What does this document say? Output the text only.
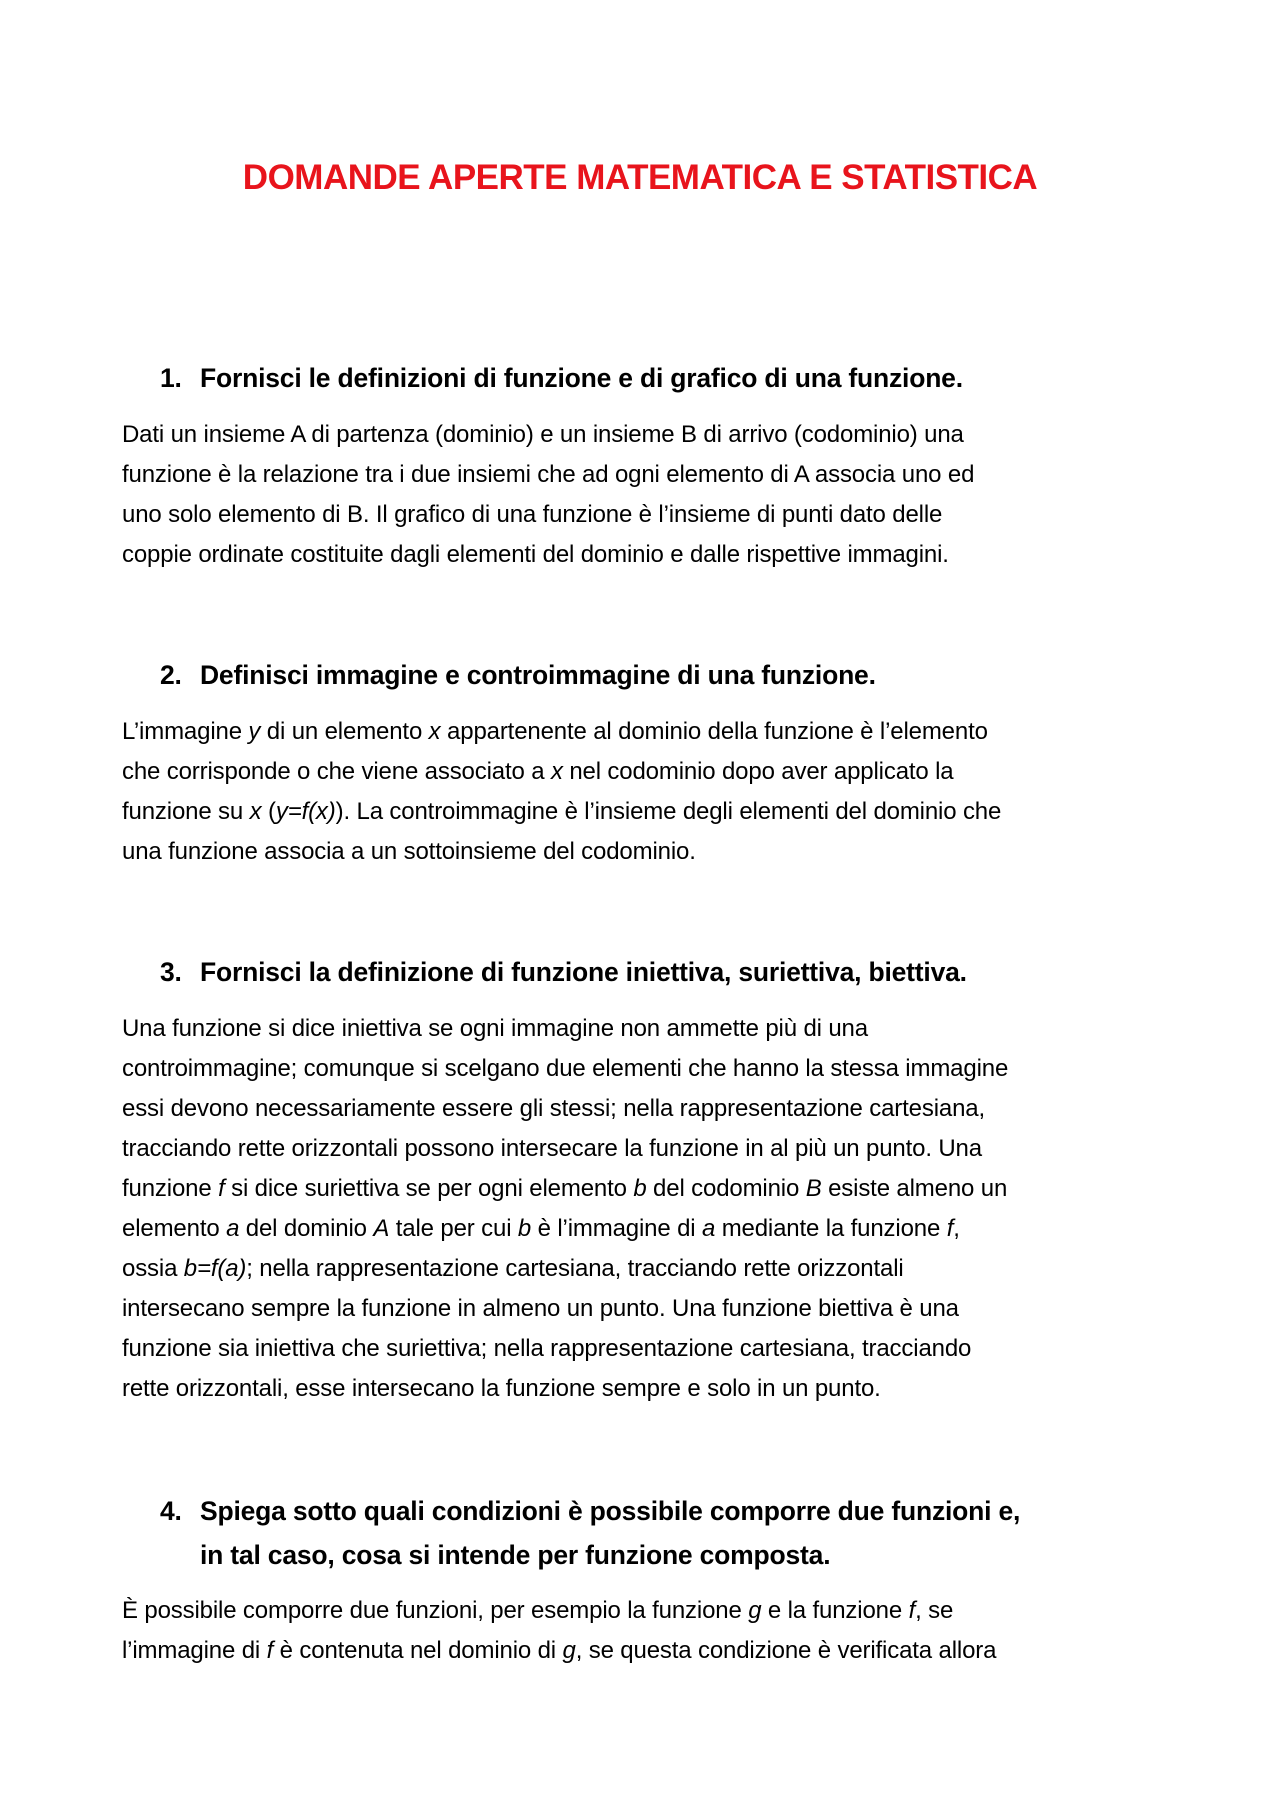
DOMANDE APERTE MATEMATICA E STATISTICA
1. Fornisci le definizioni di funzione e di grafico di una funzione.
Dati un insieme A di partenza (dominio) e un insieme B di arrivo (codominio) una
funzione è la relazione tra i due insiemi che ad ogni elemento di A associa uno ed
uno solo elemento di B. Il grafico di una funzione è l’insieme di punti dato delle
coppie ordinate costituite dagli elementi del dominio e dalle rispettive immagini.
2. Definisci immagine e controimmagine di una funzione.
L’immagine y di un elemento x appartenente al dominio della funzione è l’elemento
che corrisponde o che viene associato a x nel codominio dopo aver applicato la
funzione su x (y=f(x)). La controimmagine è l’insieme degli elementi del dominio che
una funzione associa a un sottoinsieme del codominio.
3. Fornisci la definizione di funzione iniettiva, suriettiva, biettiva.
Una funzione si dice iniettiva se ogni immagine non ammette più di una
controimmagine; comunque si scelgano due elementi che hanno la stessa immagine
essi devono necessariamente essere gli stessi; nella rappresentazione cartesiana,
tracciando rette orizzontali possono intersecare la funzione in al più un punto. Una
funzione f si dice suriettiva se per ogni elemento b del codominio B esiste almeno un
elemento a del dominio A tale per cui b è l’immagine di a mediante la funzione f,
ossia b=f(a); nella rappresentazione cartesiana, tracciando rette orizzontali
intersecano sempre la funzione in almeno un punto. Una funzione biettiva è una
funzione sia iniettiva che suriettiva; nella rappresentazione cartesiana, tracciando
rette orizzontali, esse intersecano la funzione sempre e solo in un punto.
4. Spiega sotto quali condizioni è possibile comporre due funzioni e,
in tal caso, cosa si intende per funzione composta.
È possibile comporre due funzioni, per esempio la funzione g e la funzione f, se
l’immagine di f è contenuta nel dominio di g, se questa condizione è verificata allora
